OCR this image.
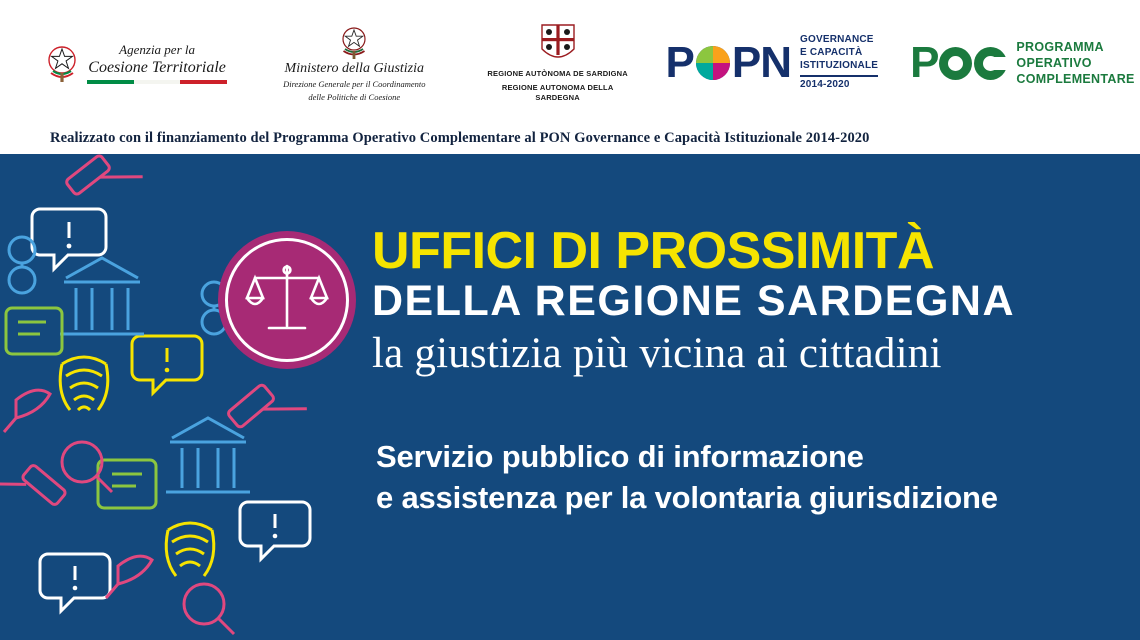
Agenzia per la
Coesione Territoriale	Ministero della Giustizia
Direzione Generale per il Coordinamento
delle Politiche di Coesione
REGIONE AUTÒNOMA DE SARDIGNA
REGIONE AUTONOMA DELLA SARDEGNA
P PN GOVERNANCE
E CAPACITÀ
ISTITUZIONALE
2014-2020	P	PROGRAMMA
OPERATIVO
COMPLEMENTARE
Realizzato con il finanziamento del Programma Operativo Complementare al PON Governance e Capacità Istituzionale 2014-2020
UFFICI DI PROSSIMITÀ
DELLA REGIONE SARDEGNA
la giustizia più vicina ai cittadini
Servizio pubblico di informazione
e assistenza per la volontaria giurisdizione
